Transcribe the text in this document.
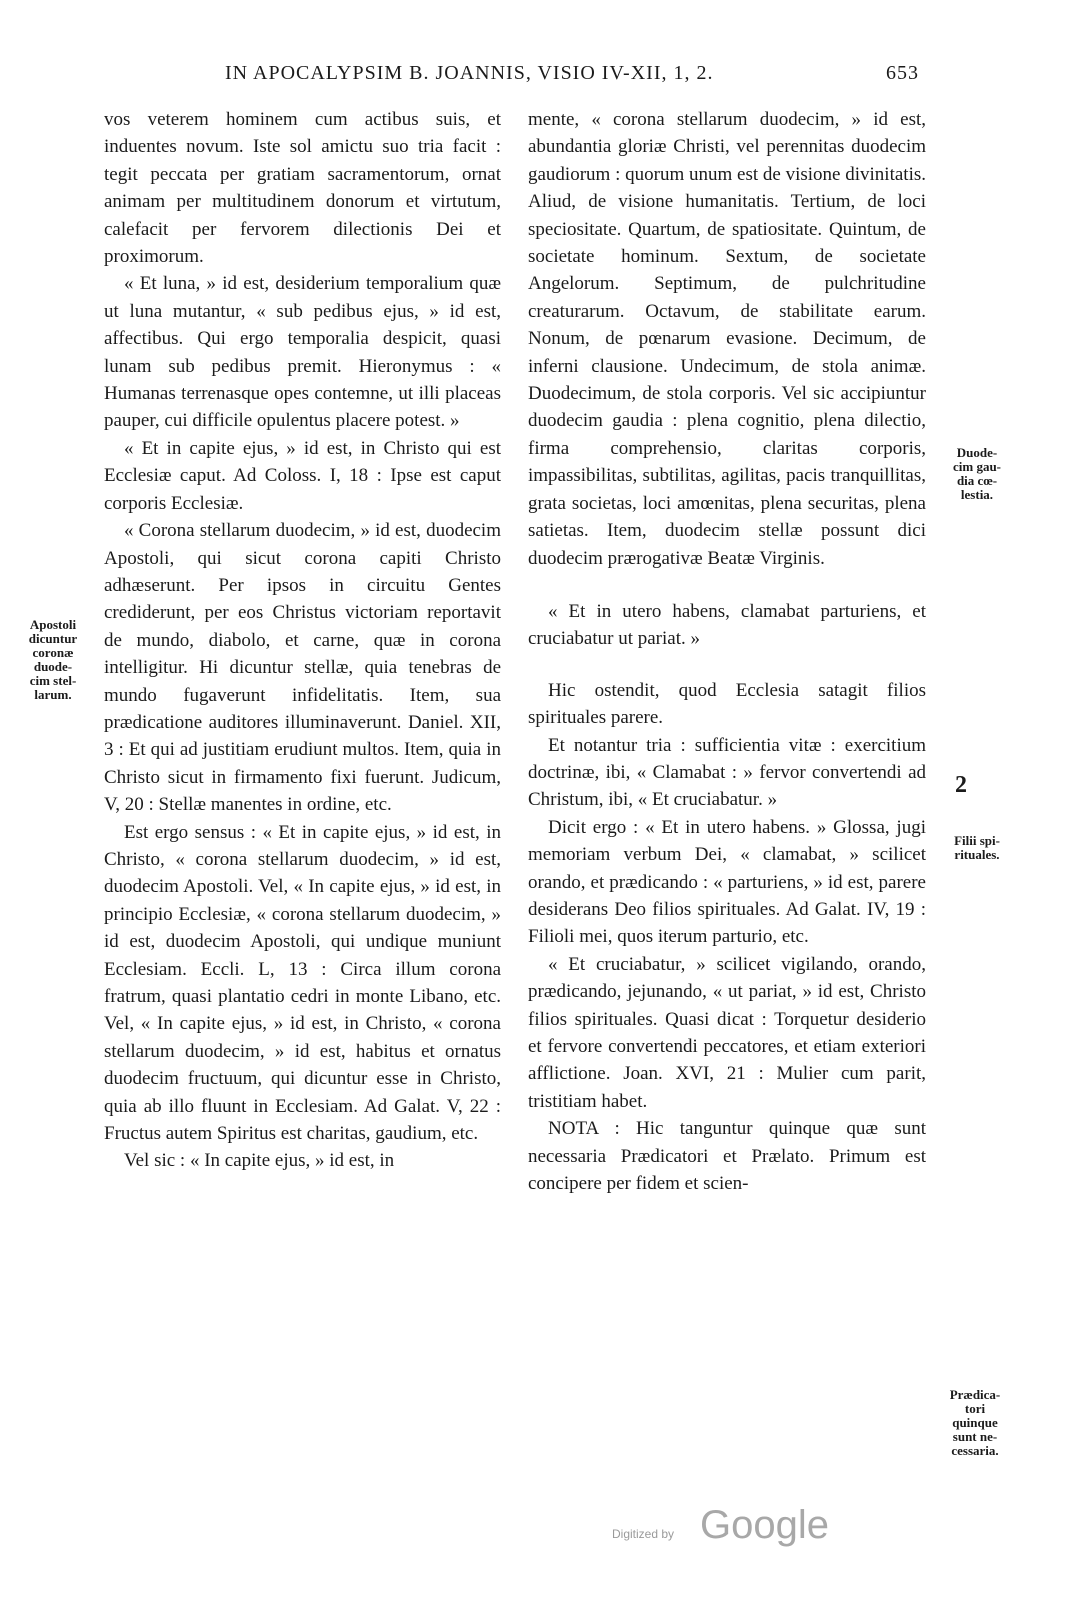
IN APOCALYPSIM B. JOANNIS, VISIO IV-XII, 1, 2.	653

vos veterem hominem cum actibus suis, et induentes novum. Iste sol amictu suo tria facit : tegit peccata per gratiam sacramentorum, ornat animam per multitudinem donorum et virtutum, calefacit per fervorem dilectionis Dei et proximorum.

« Et luna, » id est, desiderium temporalium quæ ut luna mutantur, « sub pedibus ejus, » id est, affectibus. Qui ergo temporalia despicit, quasi lunam sub pedibus premit. Hieronymus : « Humanas terrenasque opes contemne, ut illi placeas pauper, cui difficile opulentus placere potest. »

« Et in capite ejus, » id est, in Christo qui est Ecclesiæ caput. Ad Coloss. I, 18 : Ipse est caput corporis Ecclesiæ.

« Corona stellarum duodecim, » id est, duodecim Apostoli, qui sicut corona capiti Christo adhæserunt. Per ipsos in circuitu Gentes crediderunt, per eos Christus victoriam reportavit de mundo, diabolo, et carne, quæ in corona intelligitur. Hi dicuntur stellæ, quia tenebras de mundo fugaverunt infidelitatis. Item, sua prædicatione auditores illuminaverunt. Daniel. XII, 3 : Et qui ad justitiam erudiunt multos. Item, quia in Christo sicut in firmamento fixi fuerunt. Judicum, V, 20 : Stellæ manentes in ordine, etc.

Est ergo sensus : « Et in capite ejus, » id est, in Christo, « corona stellarum duodecim, » id est, duodecim Apostoli. Vel, « In capite ejus, » id est, in principio Ecclesiæ, « corona stellarum duodecim, » id est, duodecim Apostoli, qui undique muniunt Ecclesiam. Eccli. L, 13 : Circa illum corona fratrum, quasi plantatio cedri in monte Libano, etc. Vel, « In capite ejus, » id est, in Christo, « corona stellarum duodecim, » id est, habitus et ornatus duodecim fructuum, qui dicuntur esse in Christo, quia ab illo fluunt in Ecclesiam. Ad Galat. V, 22 : Fructus autem Spiritus est charitas, gaudium, etc.

Vel sic : « In capite ejus, » id est, in

mente, « corona stellarum duodecim, » id est, abundantia gloriæ Christi, vel perennitas duodecim gaudiorum : quorum unum est de visione divinitatis. Aliud, de visione humanitatis. Tertium, de loci speciositate. Quartum, de spatiositate. Quintum, de societate hominum. Sextum, de societate Angelorum. Septimum, de pulchritudine creaturarum. Octavum, de stabilitate earum. Nonum, de pœnarum evasione. Decimum, de inferni clausione. Undecimum, de stola animæ. Duodecimum, de stola corporis. Vel sic accipiuntur duodecim gaudia : plena cognitio, plena dilectio, firma comprehensio, claritas corporis, impassibilitas, subtilitas, agilitas, pacis tranquillitas, grata societas, loci amœnitas, plena securitas, plena satietas. Item, duodecim stellæ possunt dici duodecim prærogativæ Beatæ Virginis.

« Et in utero habens, clamabat parturiens, et cruciabatur ut pariat. »

Hic ostendit, quod Ecclesia satagit filios spirituales parere.

Et notantur tria : sufficientia vitæ : exercitium doctrinæ, ibi, « Clamabat : » fervor convertendi ad Christum, ibi, « Et cruciabatur. »

Dicit ergo : « Et in utero habens. » Glossa, jugi memoriam verbum Dei, « clamabat, » scilicet orando, et prædicando : « parturiens, » id est, parere desiderans Deo filios spirituales. Ad Galat. IV, 19 : Filioli mei, quos iterum parturio, etc.

« Et cruciabatur, » scilicet vigilando, orando, prædicando, jejunando, « ut pariat, » id est, Christo filios spirituales. Quasi dicat : Torquetur desiderio et fervore convertendi peccatores, et etiam exteriori afflictione. Joan. XVI, 21 : Mulier cum parit, tristitiam habet.

NOTA : Hic tanguntur quinque quæ sunt necessaria Prædicatori et Prælato. Primum est concipere per fidem et scien-

Apostoli
dicuntur
coronæ
duode-
cim stel-
larum.
Duode-
cim gau-
dia cœ-
lestia.
2
Filii spi-
rituales.
Prædica-
tori
quinque
sunt ne-
cessaria.
Digitized by Google
